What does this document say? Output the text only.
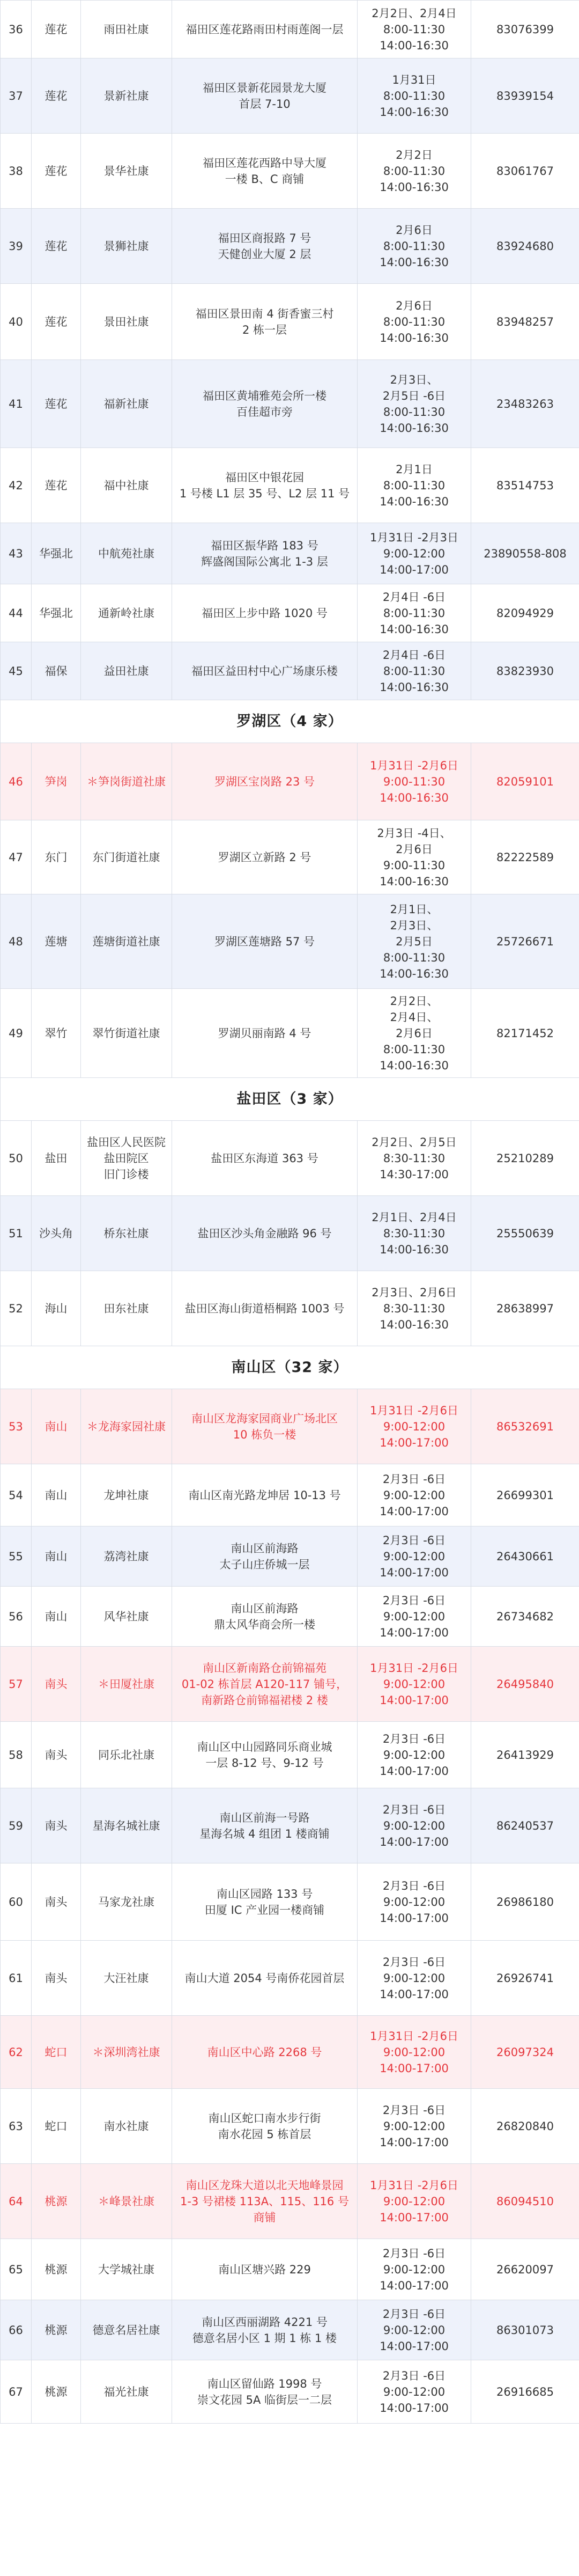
36	莲花	雨田社康	福田区莲花路雨田村雨莲阁一层	2月2日、2月4日
8:00-11:30
14:00-16:30	83076399
37	莲花	景新社康	福田区景新花园景龙大厦
首层 7-10	1月31日
8:00-11:30
14:00-16:30	83939154
38	莲花	景华社康	福田区莲花西路中导大厦
一楼 B、C 商铺	2月2日
8:00-11:30
14:00-16:30	83061767
39	莲花	景狮社康	福田区商报路 7 号
天健创业大厦 2 层	2月6日
8:00-11:30
14:00-16:30	83924680
40	莲花	景田社康	福田区景田南 4 街香蜜三村
2 栋一层	2月6日
8:00-11:30
14:00-16:30	83948257
41	莲花	福新社康	福田区黄埔雅苑会所一楼
百佳超市旁	2月3日、
2月5日 -6日
8:00-11:30
14:00-16:30	23483263
42	莲花	福中社康	福田区中银花园
1 号楼 L1 层 35 号、L2 层 11 号	2月1日
8:00-11:30
14:00-16:30	83514753
43	华强北	中航苑社康	福田区振华路 183 号
辉盛阁国际公寓北 1-3 层	1月31日 -2月3日
9:00-12:00
14:00-17:00	23890558-808
44	华强北	通新岭社康	福田区上步中路 1020 号	2月4日 -6日
8:00-11:30
14:00-16:30	82094929
45	福保	益田社康	福田区益田村中心广场康乐楼	2月4日 -6日
8:00-11:30
14:00-16:30	83823930
罗湖区（4 家）					
46	笋岗	＊笋岗街道社康	罗湖区宝岗路 23 号	1月31日 -2月6日
9:00-11:30
14:00-16:30	82059101
47	东门	东门街道社康	罗湖区立新路 2 号	2月3日 -4日、
2月6日
9:00-11:30
14:00-16:30	82222589
48	莲塘	莲塘街道社康	罗湖区莲塘路 57 号	2月1日、
2月3日、
2月5日
8:00-11:30
14:00-16:30	25726671
49	翠竹	翠竹街道社康	罗湖贝丽南路 4 号	2月2日、
2月4日、
2月6日
8:00-11:30
14:00-16:30	82171452
盐田区（3 家）					
50	盐田	盐田区人民医院
盐田院区
旧门诊楼	盐田区东海道 363 号	2月2日、2月5日
8:30-11:30
14:30-17:00	25210289
51	沙头角	桥东社康	盐田区沙头角金融路 96 号	2月1日、2月4日
8:30-11:30
14:00-16:30	25550639
52	海山	田东社康	盐田区海山街道梧桐路 1003 号	2月3日、2月6日
8:30-11:30
14:00-16:30	28638997
南山区（32 家）					
53	南山	＊龙海家园社康	南山区龙海家园商业广场北区
10 栋负一楼	1月31日 -2月6日
9:00-12:00
14:00-17:00	86532691
54	南山	龙坤社康	南山区南光路龙坤居 10-13 号	2月3日 -6日
9:00-12:00
14:00-17:00	26699301
55	南山	荔湾社康	南山区前海路
太子山庄侨城一层	2月3日 -6日
9:00-12:00
14:00-17:00	26430661
56	南山	风华社康	南山区前海路
鼎太风华商会所一楼	2月3日 -6日
9:00-12:00
14:00-17:00	26734682
57	南头	＊田厦社康	南山区新南路仓前锦福苑
01-02 栋首层 A120-117 铺号，
南新路仓前锦福裙楼 2 楼	1月31日 -2月6日
9:00-12:00
14:00-17:00	26495840
58	南头	同乐北社康	南山区中山园路同乐商业城
一层 8-12 号、9-12 号	2月3日 -6日
9:00-12:00
14:00-17:00	26413929
59	南头	星海名城社康	南山区前海一号路
星海名城 4 组团 1 楼商铺	2月3日 -6日
9:00-12:00
14:00-17:00	86240537
60	南头	马家龙社康	南山区园路 133 号
田厦 IC 产业园一楼商铺	2月3日 -6日
9:00-12:00
14:00-17:00	26986180
61	南头	大汪社康	南山大道 2054 号南侨花园首层	2月3日 -6日
9:00-12:00
14:00-17:00	26926741
62	蛇口	＊深圳湾社康	南山区中心路 2268 号	1月31日 -2月6日
9:00-12:00
14:00-17:00	26097324
63	蛇口	南水社康	南山区蛇口南水步行街
南水花园 5 栋首层	2月3日 -6日
9:00-12:00
14:00-17:00	26820840
64	桃源	＊峰景社康	南山区龙珠大道以北天地峰景园
1-3 号裙楼 113A、115、116 号商铺	1月31日 -2月6日
9:00-12:00
14:00-17:00	86094510
65	桃源	大学城社康	南山区塘兴路 229	2月3日 -6日
9:00-12:00
14:00-17:00	26620097
66	桃源	德意名居社康	南山区西丽湖路 4221 号
德意名居小区 1 期 1 栋 1 楼	2月3日 -6日
9:00-12:00
14:00-17:00	86301073
67	桃源	福光社康	南山区留仙路 1998 号
崇文花园 5A 临街层一二层	2月3日 -6日
9:00-12:00
14:00-17:00	26916685
